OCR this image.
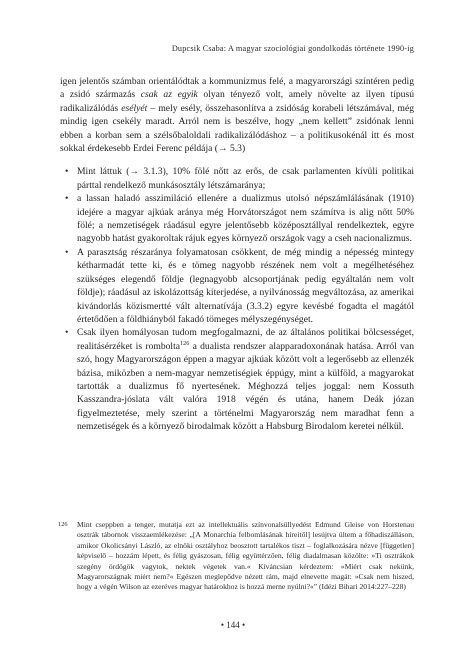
Dupcsik Csaba: A magyar szociológiai gondolkodás története 1990-ig

igen jelentős számban orientálódtak a kommunizmus felé, a magyarországi színtéren pedig a zsidó származás csak az egyik olyan tényező volt, amely növelte az ilyen típusú radikalizálódás esélyét – mely esély, összehasonlítva a zsidóság korabeli létszámával, még mindig igen csekély maradt. Arról nem is beszélve, hogy „nem kellett” zsidónak lenni ebben a korban sem a szélsőbaloldali radikalizálódáshoz – a politikusokénál itt és most sokkal érdekesebb Erdei Ferenc példája (→ 5.3)

• Mint láttuk (→ 3.1.3), 10% fölé nőtt az erős, de csak parlamenten kívüli politikai párttal rendelkező munkásosztály létszámaránya;
• a lassan haladó asszimiláció ellenére a dualizmus utolsó népszámlálásának (1910) idejére a magyar ajkúak aránya még Horvátországot nem számítva is alig nőtt 50% fölé; a nemzetiségek ráadásul egyre jelentősebb középosztállyal rendelkeztek, egyre nagyobb hatást gyakoroltak rájuk egyes környező országok vagy a cseh nacionalizmus.
• A parasztság részaránya folyamatosan csökkent, de még mindig a népesség mintegy kétharmadát tette ki, és e tömeg nagyobb részének nem volt a megélhetéséhez szükséges elegendő földje (legnagyobb alcsoportjának pedig egyáltalán nem volt földje); ráadásul az iskolázottság kiterjedése, a nyilvánosság megváltozása, az amerikai kivándorlás közismertté vált alternatívája (3.3.2) egyre kevésbé fogadta el magától értetődően a földhiányból fakadó tömeges mélyszegénységet.
• Csak ilyen homályosan tudom megfogalmazni, de az általános politikai bölcsességet, realitásérzéket is rombolta$^{126}$ a dualista rendszer alapparadoxonának hatása. Arról van szó, hogy Magyarországon éppen a magyar ajkúak között volt a legerősebb az ellenzék bázisa, miközben a nem-magyar nemzetiségiek éppúgy, mint a külföld, a magyarokat tartották a dualizmus fő nyertesének. Méghozzá teljes joggal: nem Kossuth Kasszandra-jóslata vált valóra 1918 végén és utána, hanem Deák józan figyelmeztetése, mely szerint a történelmi Magyarország nem maradhat fenn a nemzetiségek és a környező birodalmak között a Habsburg Birodalom keretei nélkül.
126	Mint cseppben a tenger, mutatja ezt az intellektuális színvonalsüllyedést Edmund Gleise von Horstenau osztrák tábornok visszaemlékezése: „[A Monarchia felbomlásának híreitől] lesújtva ültem a főhadiszálláson, amikor Okolicsányi László, az elnöki osztályhoz beosztott tartalékos tiszt – foglalkozására nézve [független] képviselő – hozzám lépett, és félig gyászosan, félig együttérzően, félig diadalmasan közölte: »Ti osztrákok szegény ördögök vagytok, nektek végetek van.« Kíváncsian kérdeztem: »Miért csak nekünk, Magyarországnak miért nem?« Egészen meglepődve nézett rám, majd elnevette magát: »Csak nem hiszed, hogy a végén Wilson az ezeréves magyar határokhoz is hozzá merne nyúlni?«” (Idézi Bihari 2014:227–228)
• 144 •
